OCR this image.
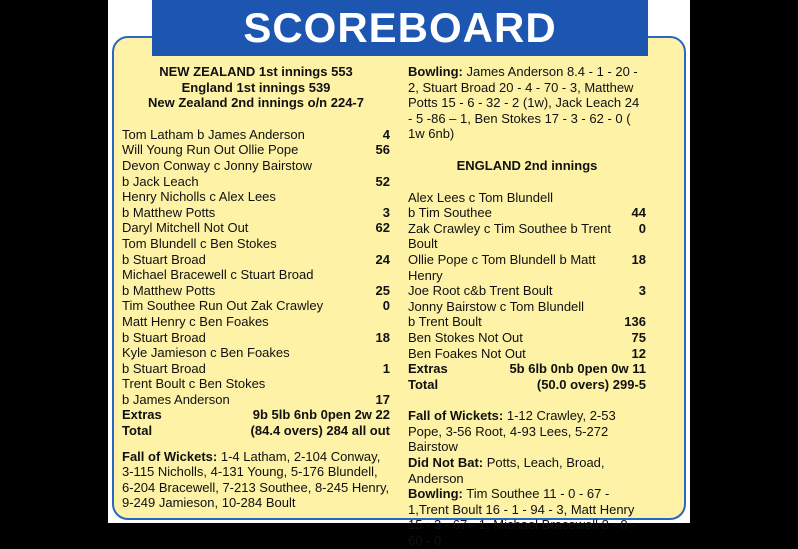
SCOREBOARD

NEW ZEALAND 1st innings 553

England 1st innings 539

New Zealand 2nd innings o/n 224-7

Tom Latham b James Anderson	4
Will Young Run Out Ollie Pope	56

Devon Conway c Jonny Bairstow

b Jack Leach	52

Henry Nicholls c Alex Lees

b Matthew Potts	3
Daryl Mitchell Not Out	62

Tom Blundell c Ben Stokes

b Stuart Broad	24

Michael Bracewell c Stuart Broad

b Matthew Potts	25
Tim Southee Run Out Zak Crawley	0

Matt Henry c Ben Foakes

b Stuart Broad	18

Kyle Jamieson c Ben Foakes

b Stuart Broad	1

Trent Boult c Ben Stokes

b James Anderson	17
Extras	9b 5lb 6nb 0pen 2w 22
Total	(84.4 overs) 284 all out

Fall of Wickets: 1-4 Latham, 2-104 Conway, 3-115 Nicholls, 4-131 Young, 5-176 Blundell, 6-204 Bracewell, 7-213 Southee, 8-245 Henry, 9-249 Jamieson, 10-284 Boult

Bowling: James Anderson 8.4 - 1 - 20 - 2, Stuart Broad 20 - 4 - 70 - 3, Matthew Potts 15 - 6 - 32 - 2 (1w), Jack Leach 24 - 5 -86 – 1, Ben Stokes 17 - 3 - 62 - 0 ( 1w 6nb)

ENGLAND 2nd innings

Alex Lees c Tom Blundell

b Tim Southee	44
Zak Crawley c Tim Southee b Trent Boult
0
Ollie Pope c Tom Blundell b Matt Henry
18
Joe Root c&b Trent Boult	3

Jonny Bairstow c Tom Blundell

b Trent Boult	136
Ben Stokes Not Out	75
Ben Foakes Not Out	12
Extras	5b 6lb 0nb 0pen 0w 11
Total	(50.0 overs) 299-5

Fall of Wickets: 1-12 Crawley, 2-53 Pope, 3-56 Root, 4-93 Lees, 5-272 Bairstow

Did Not Bat: Potts, Leach, Broad, Anderson

Bowling: Tim Southee 11 - 0 - 67 - 1,Trent Boult 16 - 1 - 94 - 3, Matt Henry 15 - 3 - 67 - 1, Michael Bracewell 8 - 0 - 60 - 0
